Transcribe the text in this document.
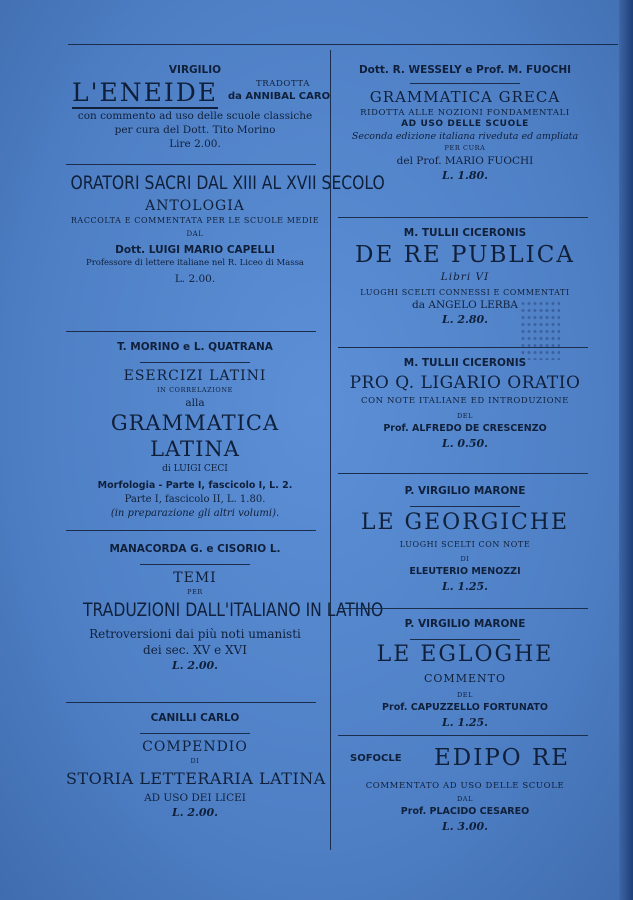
VIRGILIO
L'ENEIDE	TRADOTTA
da ANNIBAL CARO
con commento ad uso delle scuole classiche
per cura del Dott. Tito Morino
Lire 2.00.
ORATORI SACRI DAL XIII AL XVII SECOLO
ANTOLOGIA
RACCOLTA E COMMENTATA PER LE SCUOLE MEDIE
DAL
Dott. LUIGI MARIO CAPELLI
Professore di lettere italiane nel R. Liceo di Massa
L. 2.00.
T. MORINO e L. QUATRANA
ESERCIZI LATINI
IN CORRELAZIONE
alla
GRAMMATICA LATINA
di LUIGI CECI
Morfologia - Parte I, fascicolo I, L. 2.
Parte I, fascicolo II, L. 1.80.
(in preparazione gli altri volumi).
MANACORDA G. e CISORIO L.
TEMI
PER
TRADUZIONI DALL'ITALIANO IN LATINO
Retroversioni dai più noti umanisti
dei sec. XV e XVI
L. 2.00.
CANILLI CARLO
COMPENDIO
DI
STORIA LETTERARIA LATINA
AD USO DEI LICEI
L. 2.00.
Dott. R. WESSELY e Prof. M. FUOCHI
GRAMMATICA GRECA
RIDOTTA ALLE NOZIONI FONDAMENTALI
AD USO DELLE SCUOLE
Seconda edizione italiana riveduta ed ampliata
PER CURA
del Prof. MARIO FUOCHI
L. 1.80.
M. TULLII CICERONIS
DE RE PUBLICA
Libri VI
LUOGHI SCELTI CONNESSI E COMMENTATI
da ANGELO LERBA
L. 2.80.
M. TULLII CICERONIS
PRO Q. LIGARIO ORATIO
CON NOTE ITALIANE ED INTRODUZIONE
DEL
Prof. ALFREDO DE CRESCENZO
L. 0.50.
P. VIRGILIO MARONE
LE GEORGICHE
LUOGHI SCELTI CON NOTE
DI
ELEUTERIO MENOZZI
L. 1.25.
P. VIRGILIO MARONE
LE EGLOGHE
COMMENTO
DEL
Prof. CAPUZZELLO FORTUNATO
L. 1.25.
SOFOCLE EDIPO RE
COMMENTATO AD USO DELLE SCUOLE
DAL
Prof. PLACIDO CESAREO
L. 3.00.
